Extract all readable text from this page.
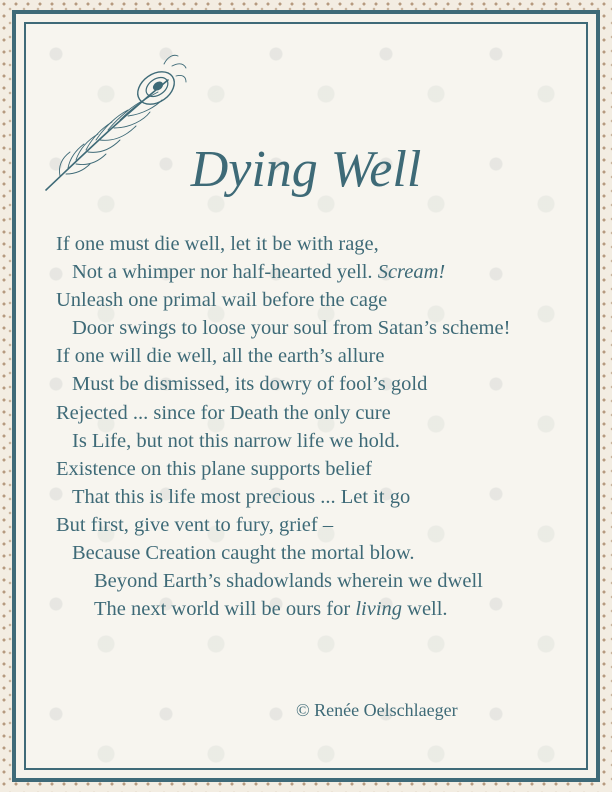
Dying Well
If one must die well, let it be with rage,
Not a whimper nor half-hearted yell. Scream!
Unleash one primal wail before the cage
Door swings to loose your soul from Satan’s scheme!
If one will die well, all the earth’s allure
Must be dismissed, its dowry of fool’s gold
Rejected ... since for Death the only cure
Is Life, but not this narrow life we hold.
Existence on this plane supports belief
That this is life most precious ... Let it go
But first, give vent to fury, grief –
Because Creation caught the mortal blow.
Beyond Earth’s shadowlands wherein we dwell
The next world will be ours for living well.
© Renée Oelschlaeger
